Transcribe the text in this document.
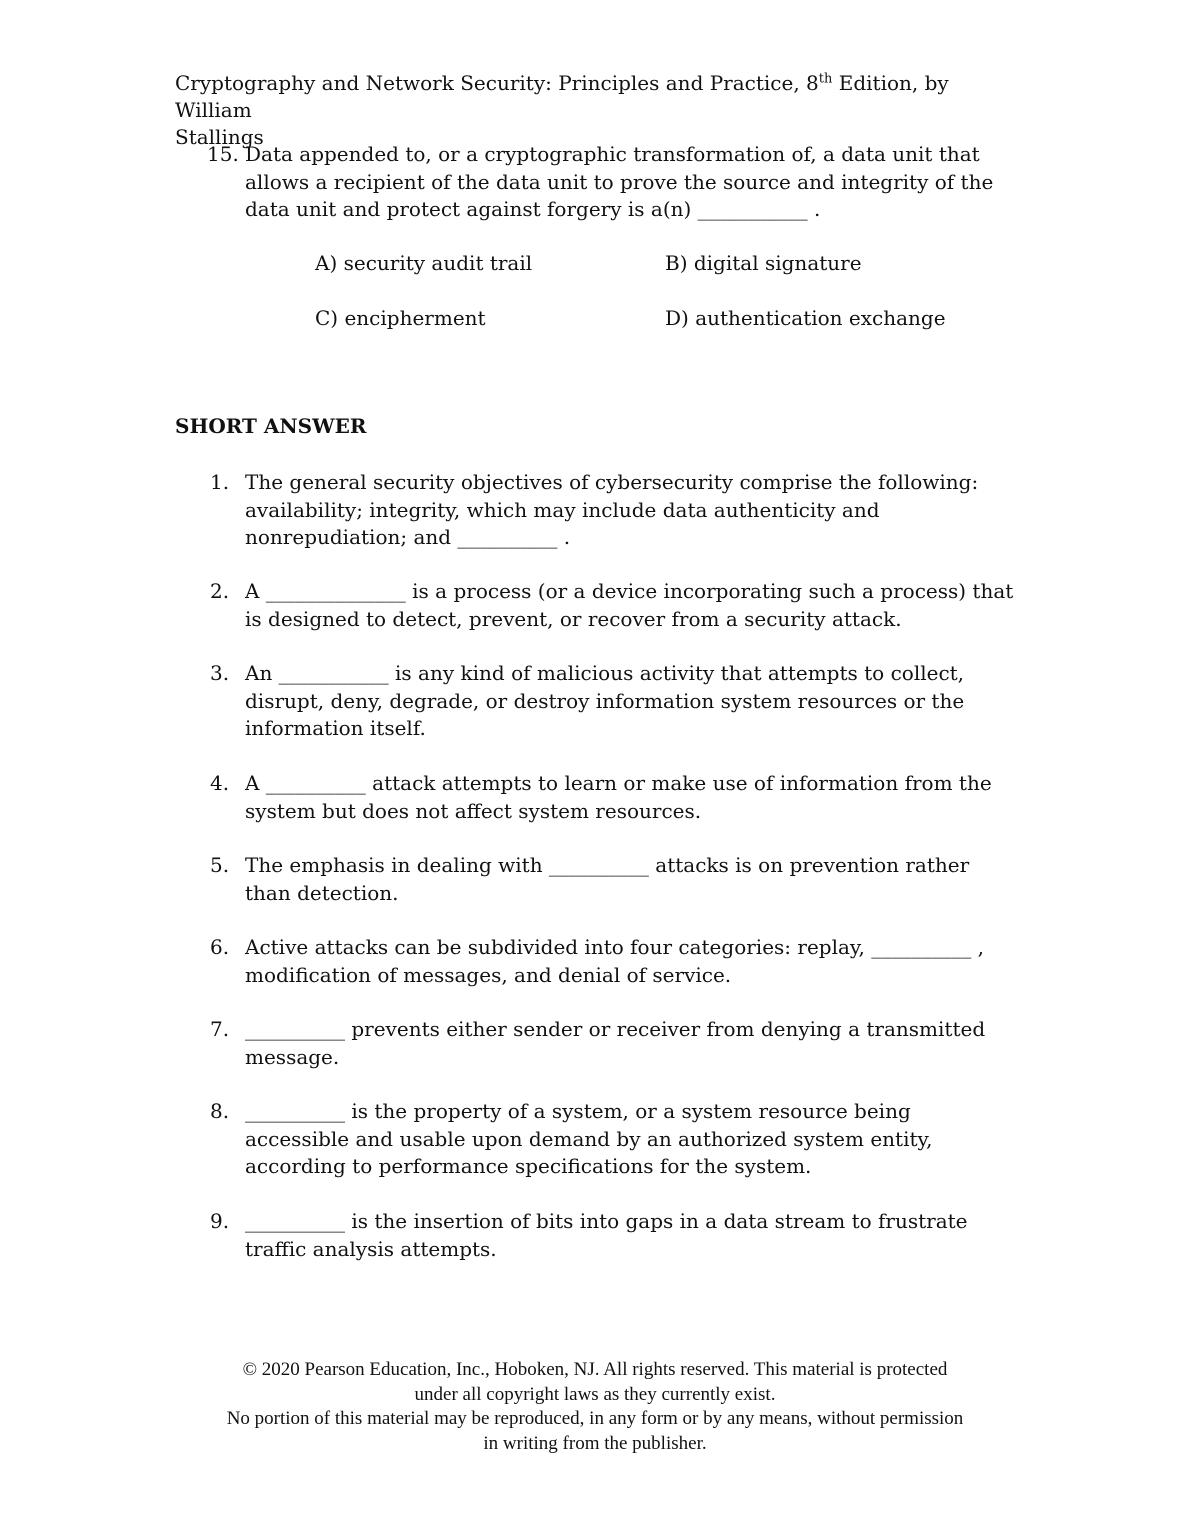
Cryptography and Network Security: Principles and Practice, 8th Edition, by William
Stallings
15. Data appended to, or a cryptographic transformation of, a data unit that allows a recipient of the data unit to prove the source and integrity of the data unit and protect against forgery is a(n) ___________ .
A) security audit trail	B) digital signature
C) encipherment	D) authentication exchange
SHORT ANSWER
1. The general security objectives of cybersecurity comprise the following: availability; integrity, which may include data authenticity and nonrepudiation; and __________ .
2. A ______________ is a process (or a device incorporating such a process) that is designed to detect, prevent, or recover from a security attack.
3. An ___________ is any kind of malicious activity that attempts to collect, disrupt, deny, degrade, or destroy information system resources or the information itself.
4. A __________ attack attempts to learn or make use of information from the system but does not affect system resources.
5. The emphasis in dealing with __________ attacks is on prevention rather than detection.
6. Active attacks can be subdivided into four categories: replay, __________ , modification of messages, and denial of service.
7. __________ prevents either sender or receiver from denying a transmitted message.
8. __________ is the property of a system, or a system resource being accessible and usable upon demand by an authorized system entity, according to performance specifications for the system.
9. __________ is the insertion of bits into gaps in a data stream to frustrate traffic analysis attempts.
© 2020 Pearson Education, Inc., Hoboken, NJ. All rights reserved. This material is protected
under all copyright laws as they currently exist.
No portion of this material may be reproduced, in any form or by any means, without permission
in writing from the publisher.
